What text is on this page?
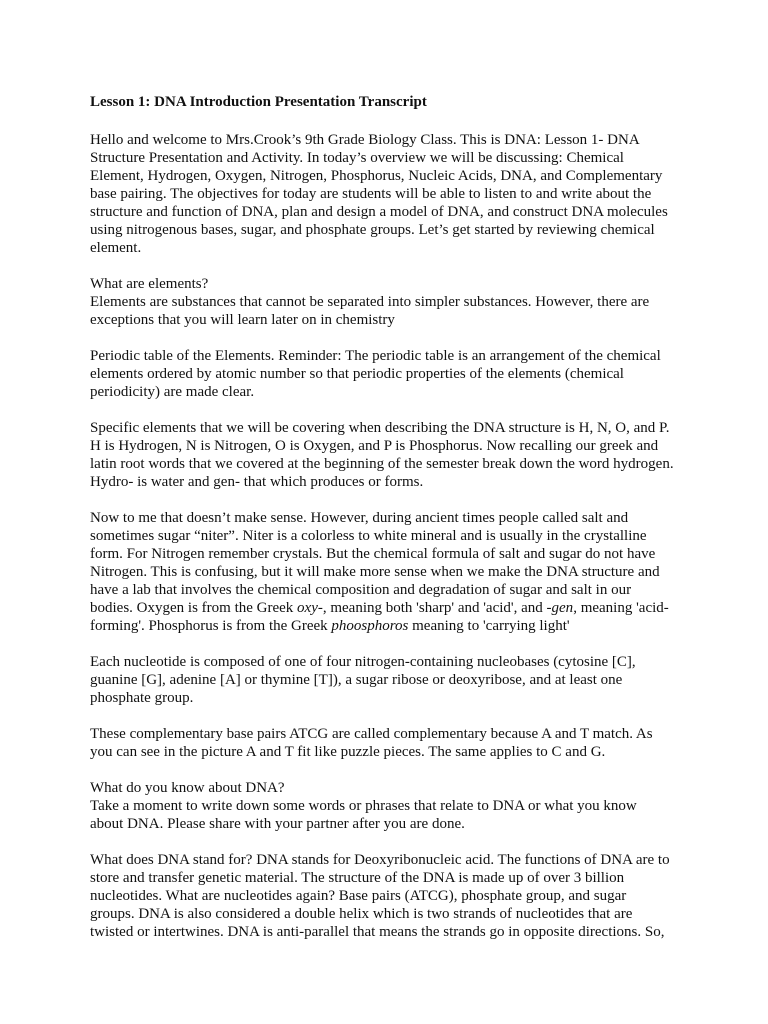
Lesson 1: DNA Introduction Presentation Transcript
Hello and welcome to Mrs.Crook’s 9th Grade Biology Class. This is DNA: Lesson 1- DNA
Structure Presentation and Activity. In today’s overview we will be discussing: Chemical
Element, Hydrogen, Oxygen, Nitrogen, Phosphorus, Nucleic Acids, DNA, and Complementary
base pairing. The objectives for today are students will be able to listen to and write about the
structure and function of DNA, plan and design a model of DNA, and construct DNA molecules
using nitrogenous bases, sugar, and phosphate groups. Let’s get started by reviewing chemical
element.
What are elements?
Elements are substances that cannot be separated into simpler substances. However, there are
exceptions that you will learn later on in chemistry
Periodic table of the Elements. Reminder: The periodic table is an arrangement of the chemical
elements ordered by atomic number so that periodic properties of the elements (chemical
periodicity) are made clear.
Specific elements that we will be covering when describing the DNA structure is H, N, O, and P.
H is Hydrogen, N is Nitrogen, O is Oxygen, and P is Phosphorus. Now recalling our greek and
latin root words that we covered at the beginning of the semester break down the word hydrogen.
Hydro- is water and gen- that which produces or forms.
Now to me that doesn’t make sense. However, during ancient times people called salt and
sometimes sugar “niter”. Niter is a colorless to white mineral and is usually in the crystalline
form. For Nitrogen remember crystals. But the chemical formula of salt and sugar do not have
Nitrogen. This is confusing, but it will make more sense when we make the DNA structure and
have a lab that involves the chemical composition and degradation of sugar and salt in our
bodies. Oxygen is from the Greek oxy-, meaning both 'sharp' and 'acid', and -gen, meaning 'acid-
forming'. Phosphorus is from the Greek phoosphoros meaning to 'carrying light'
Each nucleotide is composed of one of four nitrogen-containing nucleobases (cytosine [C],
guanine [G], adenine [A] or thymine [T]), a sugar ribose or deoxyribose, and at least one
phosphate group.
These complementary base pairs ATCG are called complementary because A and T match. As
you can see in the picture A and T fit like puzzle pieces. The same applies to C and G.
What do you know about DNA?
Take a moment to write down some words or phrases that relate to DNA or what you know
about DNA. Please share with your partner after you are done.
What does DNA stand for? DNA stands for Deoxyribonucleic acid. The functions of DNA are to
store and transfer genetic material. The structure of the DNA is made up of over 3 billion
nucleotides. What are nucleotides again? Base pairs (ATCG), phosphate group, and sugar
groups. DNA is also considered a double helix which is two strands of nucleotides that are
twisted or intertwines. DNA is anti-parallel that means the strands go in opposite directions. So,
